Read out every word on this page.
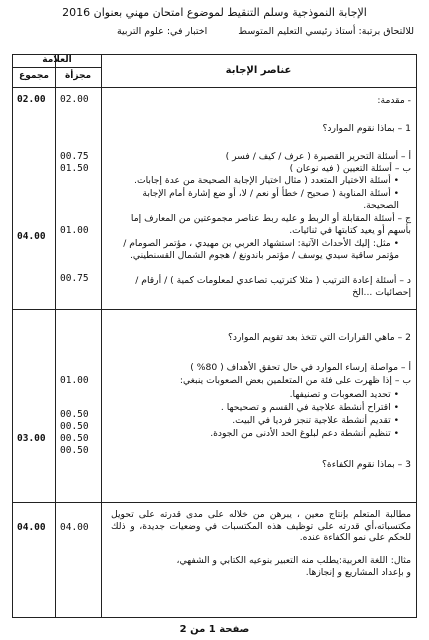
الإجابة النموذجية وسلم التنقيط لموضوع امتحان مهني بعنوان 2016
للالتحاق برتبة: أستاذ رئيسي التعليم المتوسط اختبار في: علوم التربية
العلامة
مجموع	مجزأة	عناصر الإجابة
02.00 02.00
00.75
01.50
01.00
04.00
00.75
01.00
00.50
00.50
03.00 00.50
00.50
04.00 04.00

- مقدمة:

1 – بماذا نقوم الموارد؟

أ – أسئلة التحرير القصيرة ( عرف / كيف / فسر )

ب – أسئلة التعيين ( فيه نوعان )

• أسئلة الاختيار المتعدد ( مثال اختيار الإجابة الصحيحة من عدة إجابات.

• أسئلة المناوبة ( صحيح / خطأ أو نعم / لا، أو ضع إشارة أمام الإجابة الصحيحة.

ج – أسئلة المقابلة أو الربط و عليه ربط عناصر مجموعتين من المعارف إما بأسهم أو يعيد كتابتها في ثنائيات.

• مثل: إليك الأحداث الآتية: استشهاد العربي بن مهيدي ، مؤتمر الصومام / مؤتمر ساقية سيدي يوسف / مؤتمر باندونغ / هجوم الشمال القسنطيني.

د – أسئلة إعادة الترتيب ( مثلا كترتيب تصاعدي لمعلومات كمية ) / أرقام / إحصائيات ...الخ

2 – ماهي القرارات التي تتخذ بعد تقويم الموارد؟

أ – مواصلة إرساء الموارد في حال تحقق الأهداف ( 80% )

ب – إذا ظهرت على فئة من المتعلمين بعض الصعوبات ينبغي:

• تحديد الصعوبات و تصنيفها.

• اقتراح أنشطة علاجية في القسم و تصحيحها .

• تقديم أنشطة علاجية تنجز فرديا في البيت.

• تنظيم أنشطة دعم لبلوغ الحد الأدنى من الجودة.

3 – بماذا نقوم الكفاءة؟

مطالبة المتعلم بإنتاج معين ، يبرهن من خلاله على مدى قدرته على تحويل مكتسباته،أي قدرته على توظيف هذه المكتسبات في وضعيات جديدة، و ذلك للحكم على نمو الكفاءة عنده.

مثال: اللغة العربية:يطلب منه التعبير بنوعيه الكتابي و الشفهي،

و بإعداد المشاريع و إنجازها.

صفحة 1 من 2
